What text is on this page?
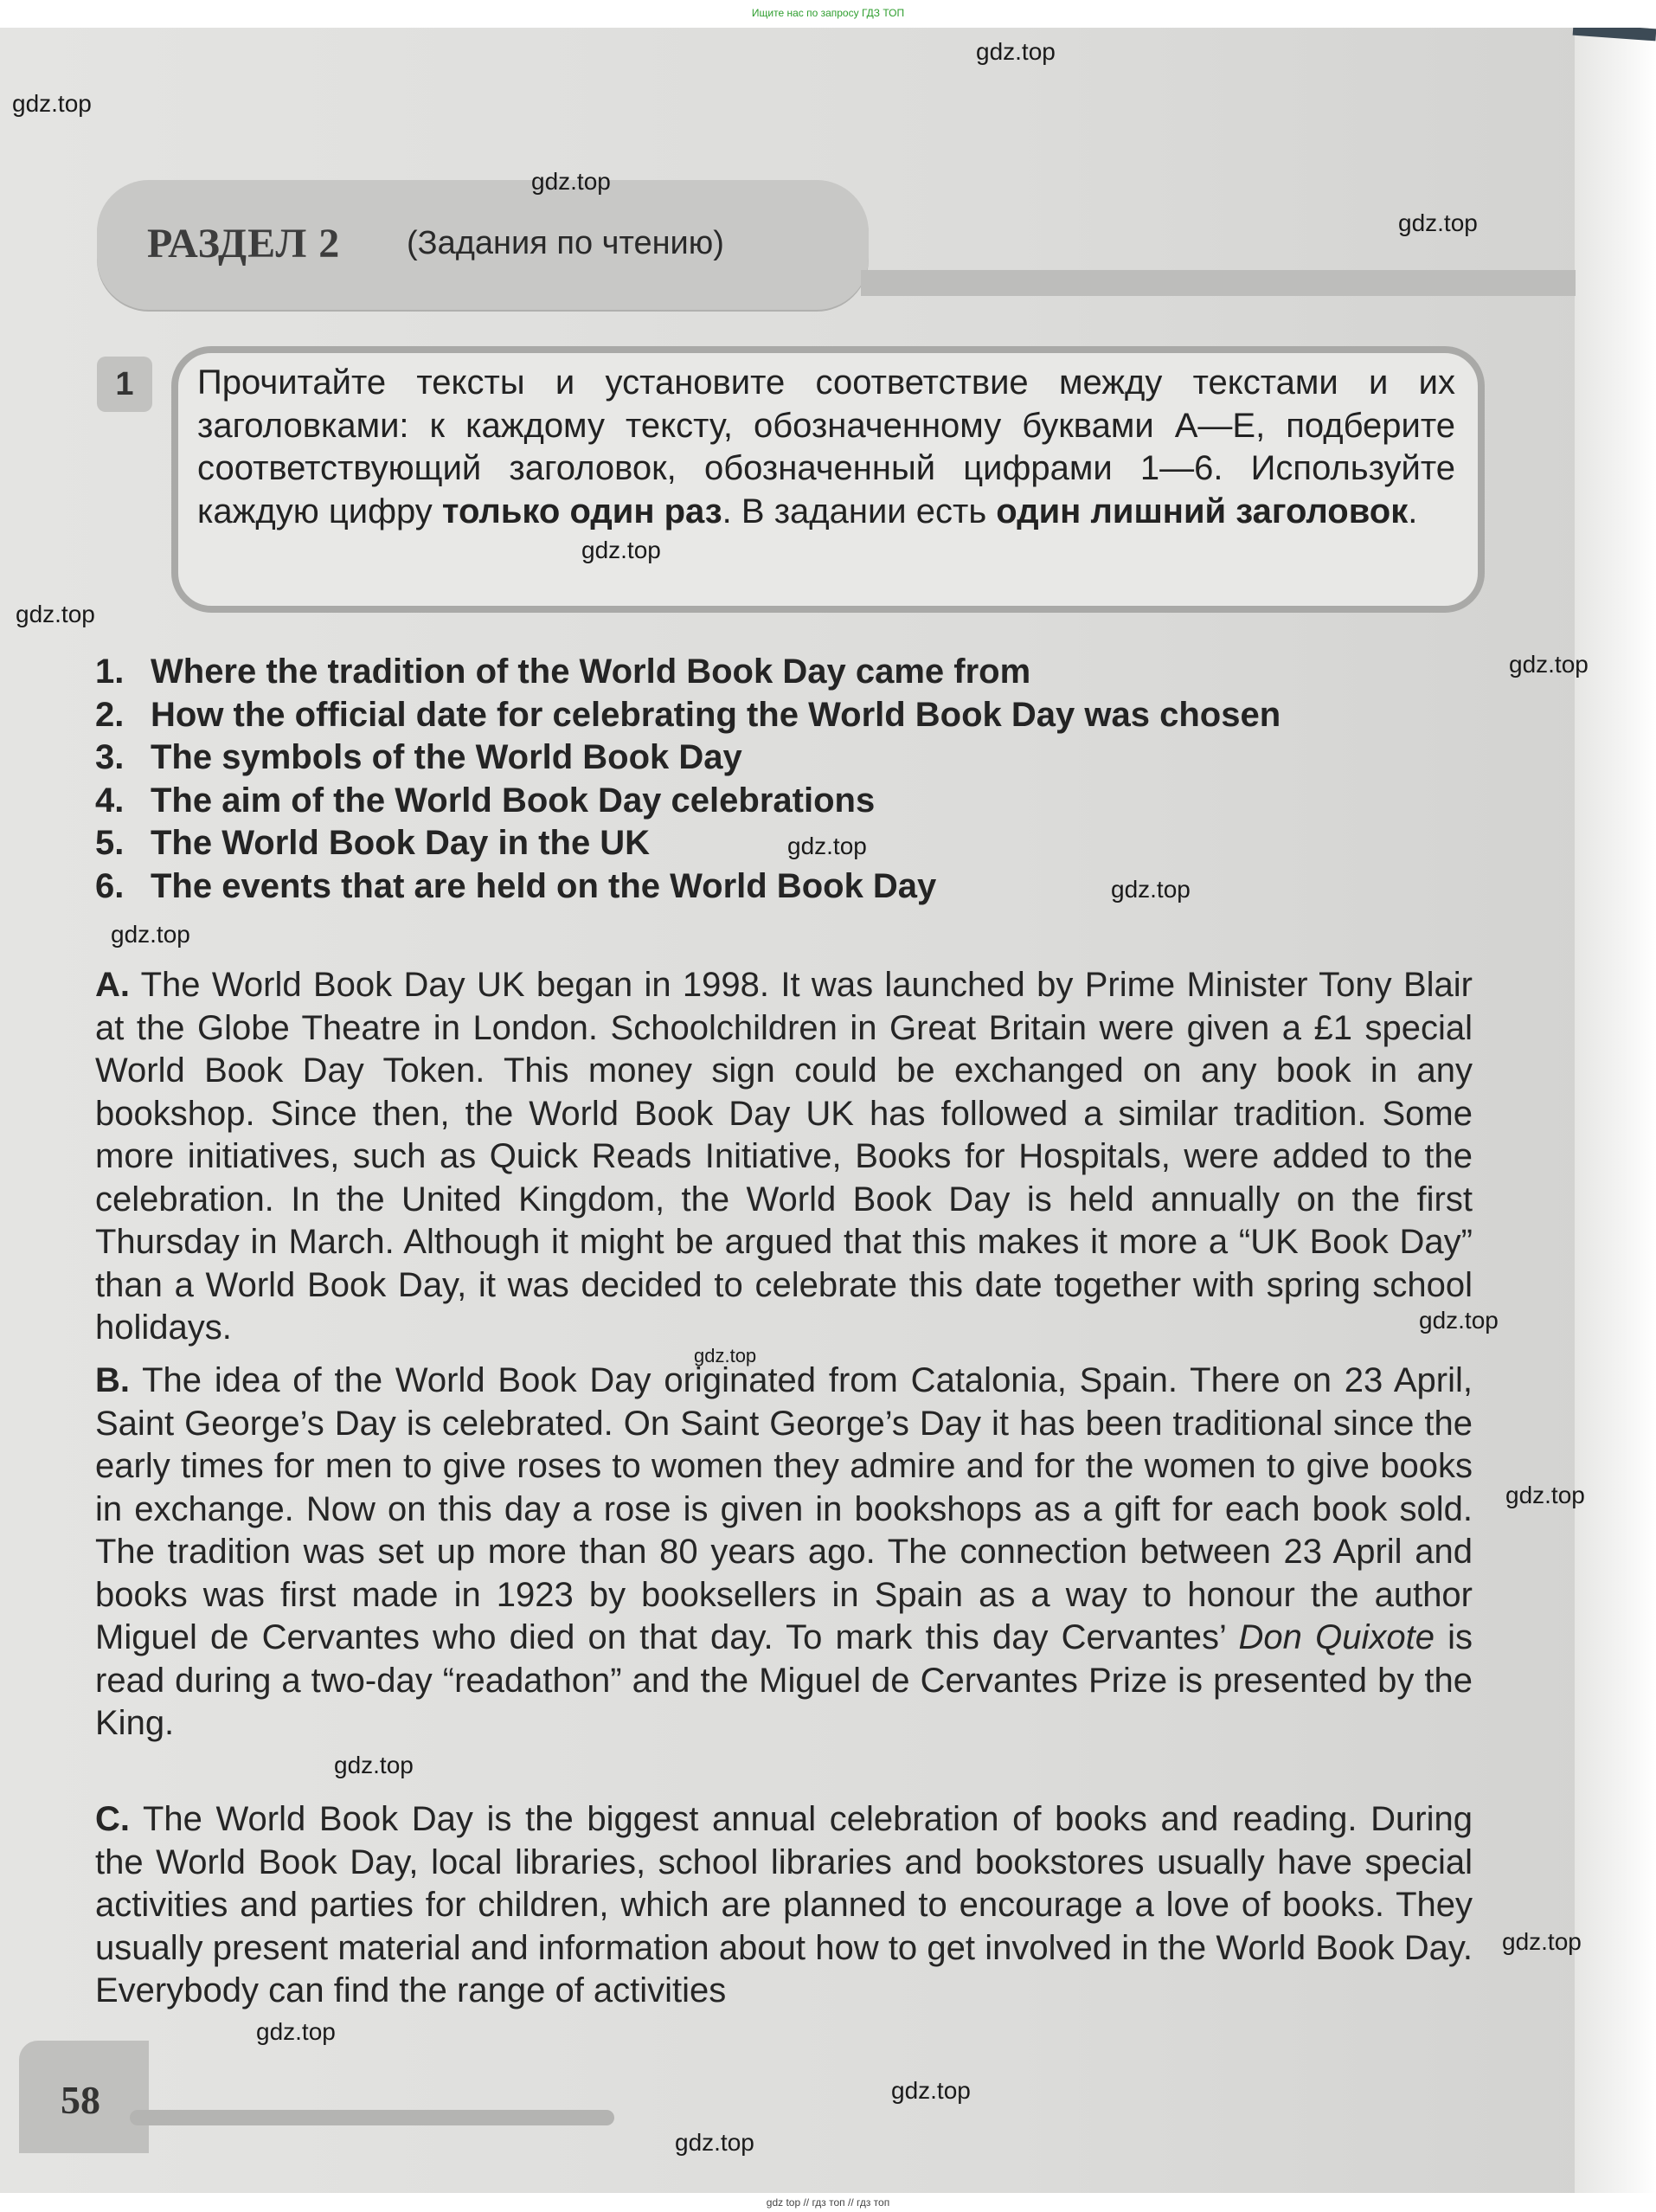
Ищите нас по запросу ГДЗ ТОП
РАЗДЕЛ 2 (Задания по чтению)
1	Прочитайте тексты и установите соответствие между текстами и их заголовками: к каждому тексту, обозначенному буквами A—E, подберите соответствующий заголовок, обозначенный цифрами 1—6. Используйте каждую цифру только один раз. В задании есть один лишний заголовок.
1. Where the tradition of the World Book Day came from
2. How the official date for celebrating the World Book Day was chosen
3. The symbols of the World Book Day
4. The aim of the World Book Day celebrations
5. The World Book Day in the UK
6. The events that are held on the World Book Day
A. The World Book Day UK began in 1998. It was launched by Prime Minister Tony Blair at the Globe Theatre in London. Schoolchildren in Great Britain were given a £1 special World Book Day Token. This money sign could be exchanged on any book in any bookshop. Since then, the World Book Day UK has followed a similar tradition. Some more initiatives, such as Quick Reads Initiative, Books for Hospitals, were added to the celebration. In the United Kingdom, the World Book Day is held annually on the first Thursday in March. Although it might be argued that this makes it more a “UK Book Day” than a World Book Day, it was decided to celebrate this date together with spring school holidays.
B. The idea of the World Book Day originated from Catalonia, Spain. There on 23 April, Saint George’s Day is celebrated. On Saint George’s Day it has been traditional since the early times for men to give roses to women they admire and for the women to give books in exchange. Now on this day a rose is given in bookshops as a gift for each book sold. The tradition was set up more than 80 years ago. The connection between 23 April and books was first made in 1923 by booksellers in Spain as a way to honour the author Miguel de Cervantes who died on that day. To mark this day Cervantes’ Don Quixote is read during a two-day “readathon” and the Miguel de Cervantes Prize is presented by the King.
C. The World Book Day is the biggest annual celebration of books and reading. During the World Book Day, local libraries, school libraries and bookstores usually have special activities and parties for children, which are planned to encourage a love of books. They usually present material and information about how to get involved in the World Book Day. Everybody can find the range of activities
58
gdz.top
gdz.top
gdz.top
gdz.top
gdz.top
gdz.top
gdz.top
gdz.top
gdz.top
gdz.top
gdz.top
gdz.top
gdz.top
gdz.top
gdz.top
gdz.top
gdz.top
gdz.top
gdz top // гдз топ // гдз топ
